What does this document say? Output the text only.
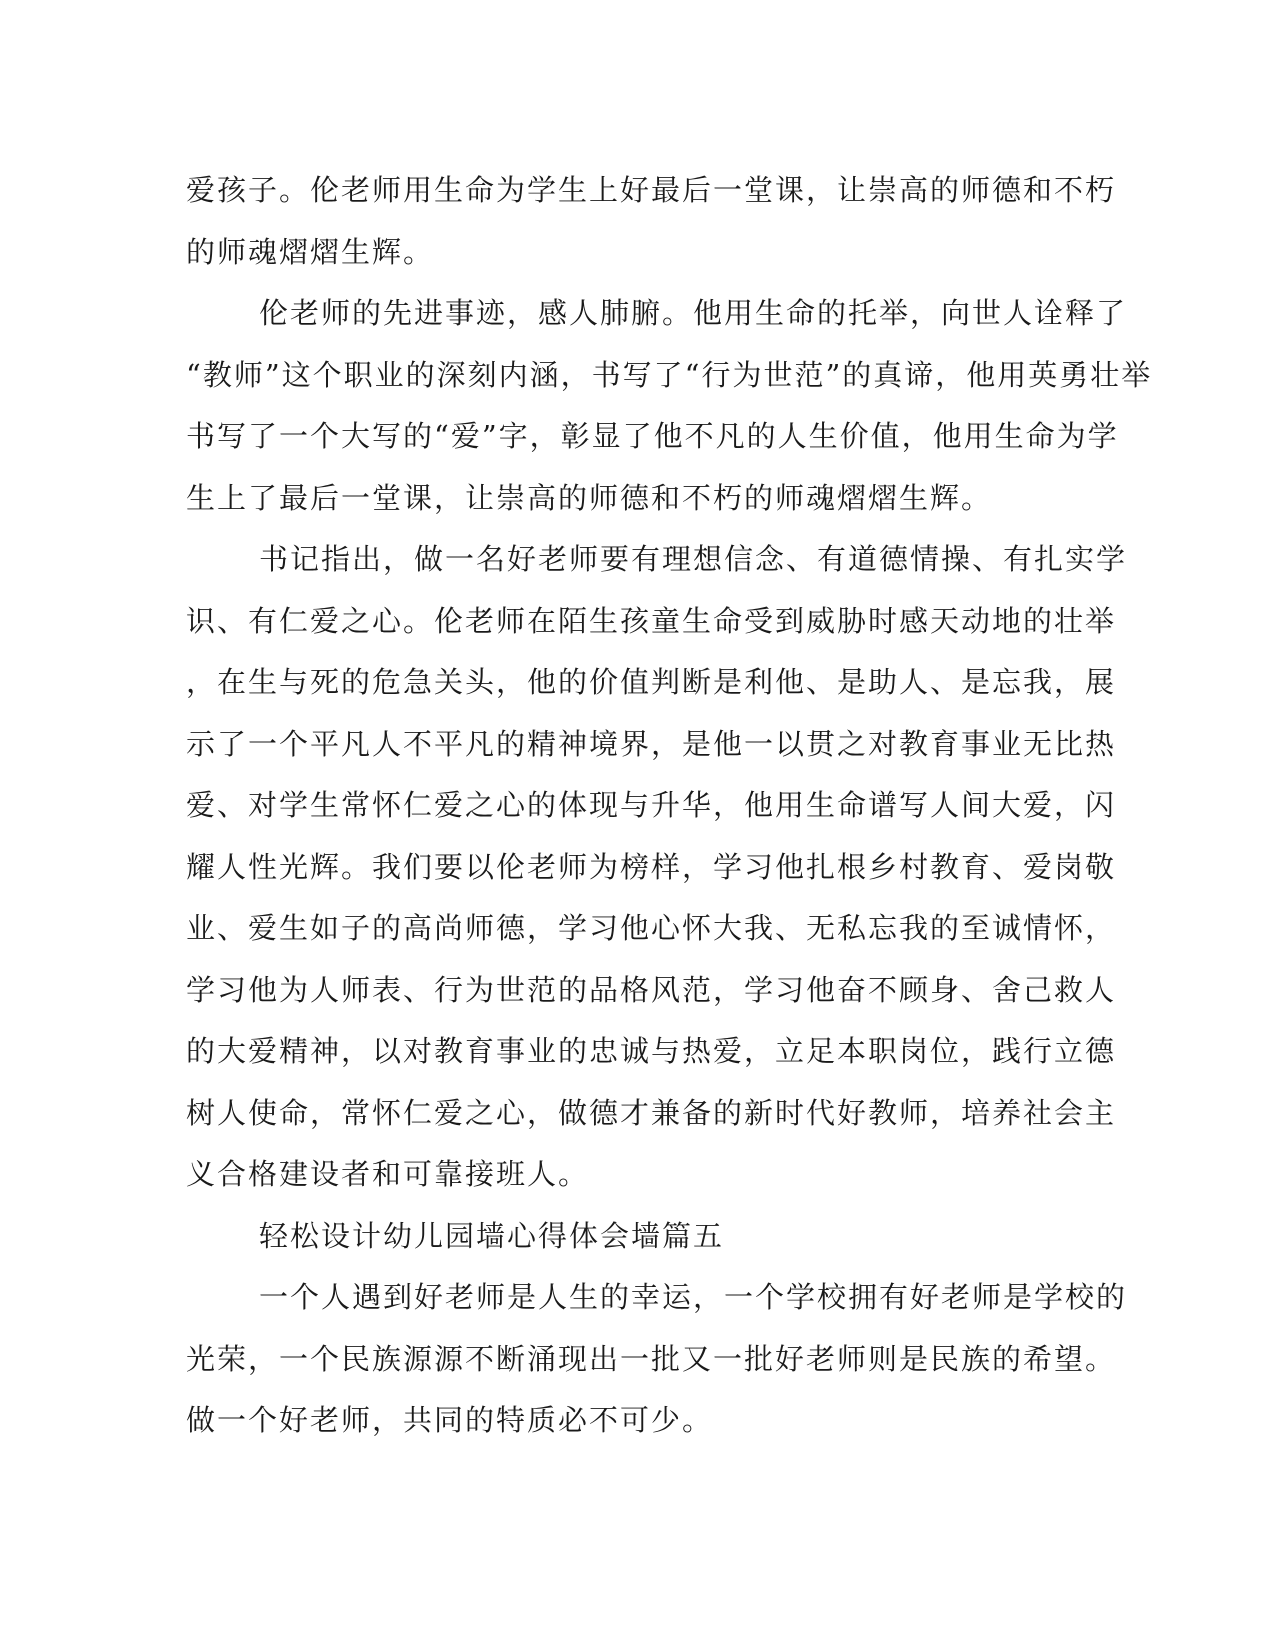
爱孩子。伦老师用生命为学生上好最后一堂课，让崇高的师德和不朽
的师魂熠熠生辉。
伦老师的先进事迹，感人肺腑。他用生命的托举，向世人诠释了
“教师”这个职业的深刻内涵，书写了“行为世范”的真谛，他用英勇壮举
书写了一个大写的“爱”字，彰显了他不凡的人生价值，他用生命为学
生上了最后一堂课，让崇高的师德和不朽的师魂熠熠生辉。
书记指出，做一名好老师要有理想信念、有道德情操、有扎实学
识、有仁爱之心。伦老师在陌生孩童生命受到威胁时感天动地的壮举
，在生与死的危急关头，他的价值判断是利他、是助人、是忘我，展
示了一个平凡人不平凡的精神境界，是他一以贯之对教育事业无比热
爱、对学生常怀仁爱之心的体现与升华，他用生命谱写人间大爱，闪
耀人性光辉。我们要以伦老师为榜样，学习他扎根乡村教育、爱岗敬
业、爱生如子的高尚师德，学习他心怀大我、无私忘我的至诚情怀，
学习他为人师表、行为世范的品格风范，学习他奋不顾身、舍己救人
的大爱精神，以对教育事业的忠诚与热爱，立足本职岗位，践行立德
树人使命，常怀仁爱之心，做德才兼备的新时代好教师，培养社会主
义合格建设者和可靠接班人。
轻松设计幼儿园墙心得体会墙篇五
一个人遇到好老师是人生的幸运，一个学校拥有好老师是学校的
光荣，一个民族源源不断涌现出一批又一批好老师则是民族的希望。
做一个好老师，共同的特质必不可少。
